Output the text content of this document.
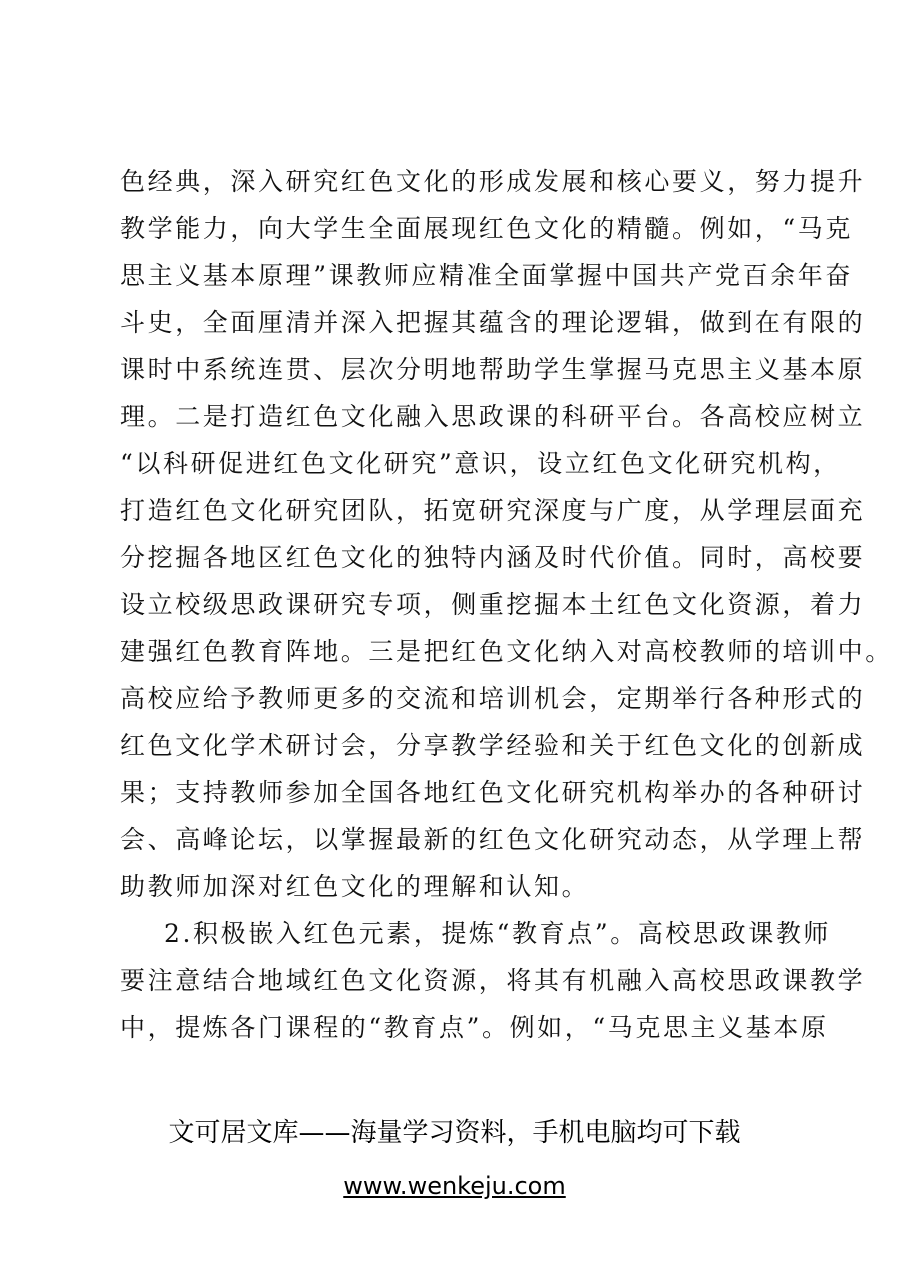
色经典，深入研究红色文化的形成发展和核心要义，努力提升
教学能力，向大学生全面展现红色文化的精髓。例如，“马克
思主义基本原理”课教师应精准全面掌握中国共产党百余年奋
斗史，全面厘清并深入把握其蕴含的理论逻辑，做到在有限的
课时中系统连贯、层次分明地帮助学生掌握马克思主义基本原
理。二是打造红色文化融入思政课的科研平台。各高校应树立
“以科研促进红色文化研究”意识，设立红色文化研究机构，
打造红色文化研究团队，拓宽研究深度与广度，从学理层面充
分挖掘各地区红色文化的独特内涵及时代价值。同时，高校要
设立校级思政课研究专项，侧重挖掘本土红色文化资源，着力
建强红色教育阵地。三是把红色文化纳入对高校教师的培训中。
高校应给予教师更多的交流和培训机会，定期举行各种形式的
红色文化学术研讨会，分享教学经验和关于红色文化的创新成
果；支持教师参加全国各地红色文化研究机构举办的各种研讨
会、高峰论坛，以掌握最新的红色文化研究动态，从学理上帮
助教师加深对红色文化的理解和认知。
2.积极嵌入红色元素，提炼“教育点”。高校思政课教师
要注意结合地域红色文化资源，将其有机融入高校思政课教学
中，提炼各门课程的“教育点”。例如，“马克思主义基本原
文可居文库——海量学习资料，手机电脑均可下载
www.wenkeju.com
